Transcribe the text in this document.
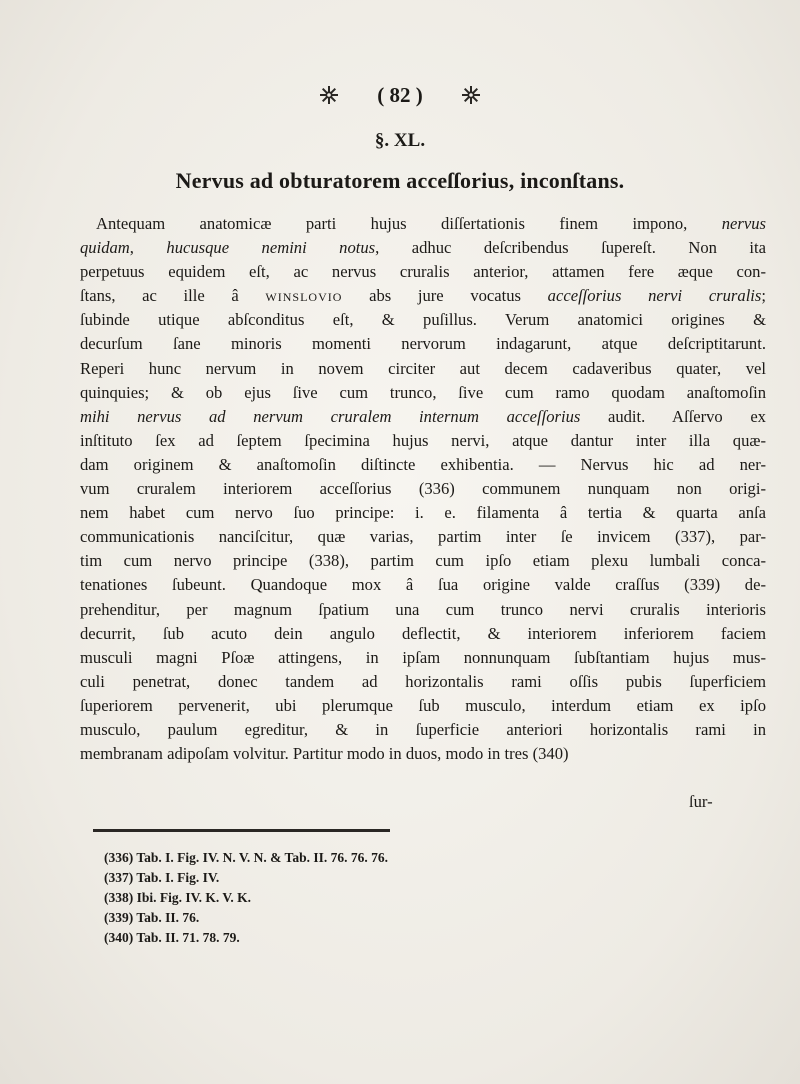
( 82 )
§. XL.
Nervus ad obturatorem acceſſorius, inconſtans.
Antequam anatomicæ parti hujus diſſertationis finem impono, nervus
quidam, hucusque nemini notus, adhuc deſcribendus ſupereſt. Non ita
perpetuus equidem eſt, ac nervus cruralis anterior, attamen fere æque con-
ſtans, ac ille â winslovio abs jure vocatus acceſſorius nervi cruralis;
ſubinde utique abſconditus eſt, & puſillus. Verum anatomici origines &
decurſum ſane minoris momenti nervorum indagarunt, atque deſcriptitarunt.
Reperi hunc nervum in novem circiter aut decem cadaveribus quater, vel
quinquies; & ob ejus ſive cum trunco, ſive cum ramo quodam anaſtomoſin
mihi nervus ad nervum cruralem internum acceſſorius audit. Aſſervo ex
inſtituto ſex ad ſeptem ſpecimina hujus nervi, atque dantur inter illa quæ-
dam originem & anaſtomoſin diſtincte exhibentia. — Nervus hic ad ner-
vum cruralem interiorem acceſſorius (336) communem nunquam non origi-
nem habet cum nervo ſuo principe: i. e. filamenta â tertia & quarta anſa
communicationis nanciſcitur, quæ varias, partim inter ſe invicem (337), par-
tim cum nervo principe (338), partim cum ipſo etiam plexu lumbali conca-
tenationes ſubeunt. Quandoque mox â ſua origine valde craſſus (339) de-
prehenditur, per magnum ſpatium una cum trunco nervi cruralis interioris
decurrit, ſub acuto dein angulo deflectit, & interiorem inferiorem faciem
musculi magni Pſoæ attingens, in ipſam nonnunquam ſubſtantiam hujus mus-
culi penetrat, donec tandem ad horizontalis rami oſſis pubis ſuperficiem
ſuperiorem pervenerit, ubi plerumque ſub musculo, interdum etiam ex ipſo
musculo, paulum egreditur, & in ſuperficie anteriori horizontalis rami in
membranam adipoſam volvitur. Partitur modo in duos, modo in tres (340)
ſur-
(336) Tab. I. Fig. IV. N. V. N. & Tab. II. 76. 76. 76.
(337) Tab. I. Fig. IV.
(338) Ibi. Fig. IV. K. V. K.
(339) Tab. II. 76.
(340) Tab. II. 71. 78. 79.
